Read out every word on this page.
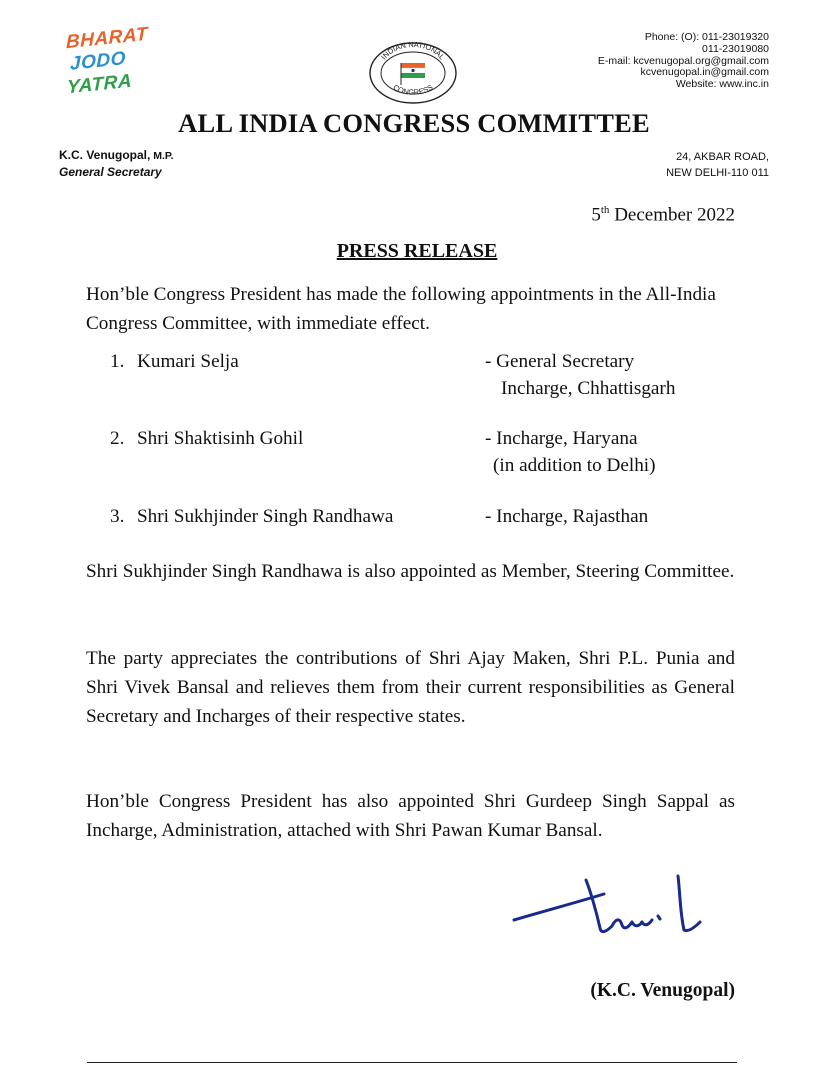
BHARAT
JODO
YATRA
INDIAN NATIONAL
CONGRESS
Phone: (O): 011-23019320
011-23019080
E-mail: kcvenugopal.org@gmail.com
kcvenugopal.in@gmail.com
Website: www.inc.in
ALL INDIA CONGRESS COMMITTEE
K.C. Venugopal, M.P.
General Secretary
24, AKBAR ROAD,
NEW DELHI-110 011
5th December 2022
PRESS RELEASE
Hon’ble Congress President has made the following appointments in the All-India Congress Committee, with immediate effect.
1. Kumari Selja	- General Secretary
Incharge, Chhattisgarh
2. Shri Shaktisinh Gohil	- Incharge, Haryana
(in addition to Delhi)
3. Shri Sukhjinder Singh Randhawa	- Incharge, Rajasthan
Shri Sukhjinder Singh Randhawa is also appointed as Member, Steering Committee.
The party appreciates the contributions of Shri Ajay Maken, Shri P.L. Punia and Shri Vivek Bansal and relieves them from their current responsibilities as General Secretary and Incharges of their respective states.
Hon’ble Congress President has also appointed Shri Gurdeep Singh Sappal as Incharge, Administration, attached with Shri Pawan Kumar Bansal.
(K.C. Venugopal)
